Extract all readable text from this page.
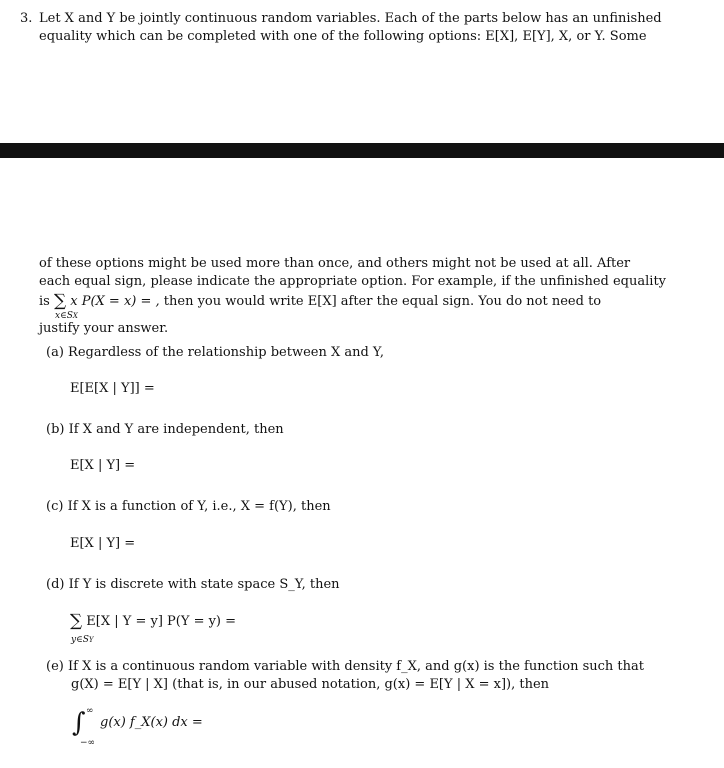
3. Let X and Y be jointly continuous random variables. Each of the parts below has an unfinished
equality which can be completed with one of the following options: E[X], E[Y], X, or Y. Some
of these options might be used more than once, and others might not be used at all. After
each equal sign, please indicate the appropriate option. For example, if the unfinished equality
is ∑ x P(X = x) = , then you would write E[X] after the equal sign. You do not need to
x∈SX
justify your answer.
(a) Regardless of the relationship between X and Y,
E[E[X | Y]] =
(b) If X and Y are independent, then
E[X | Y] =
(c) If X is a function of Y, i.e., X = f(Y), then
E[X | Y] =
(d) If Y is discrete with state space S_Y, then
∑ E[X | Y = y] P(Y = y) =
y∈SY
(e) If X is a continuous random variable with density f_X, and g(x) is the function such that
g(X) = E[Y | X] (that is, in our abused notation, g(x) = E[Y | X = x]), then
∫ ∞
−∞
g(x) f_X(x) dx =
